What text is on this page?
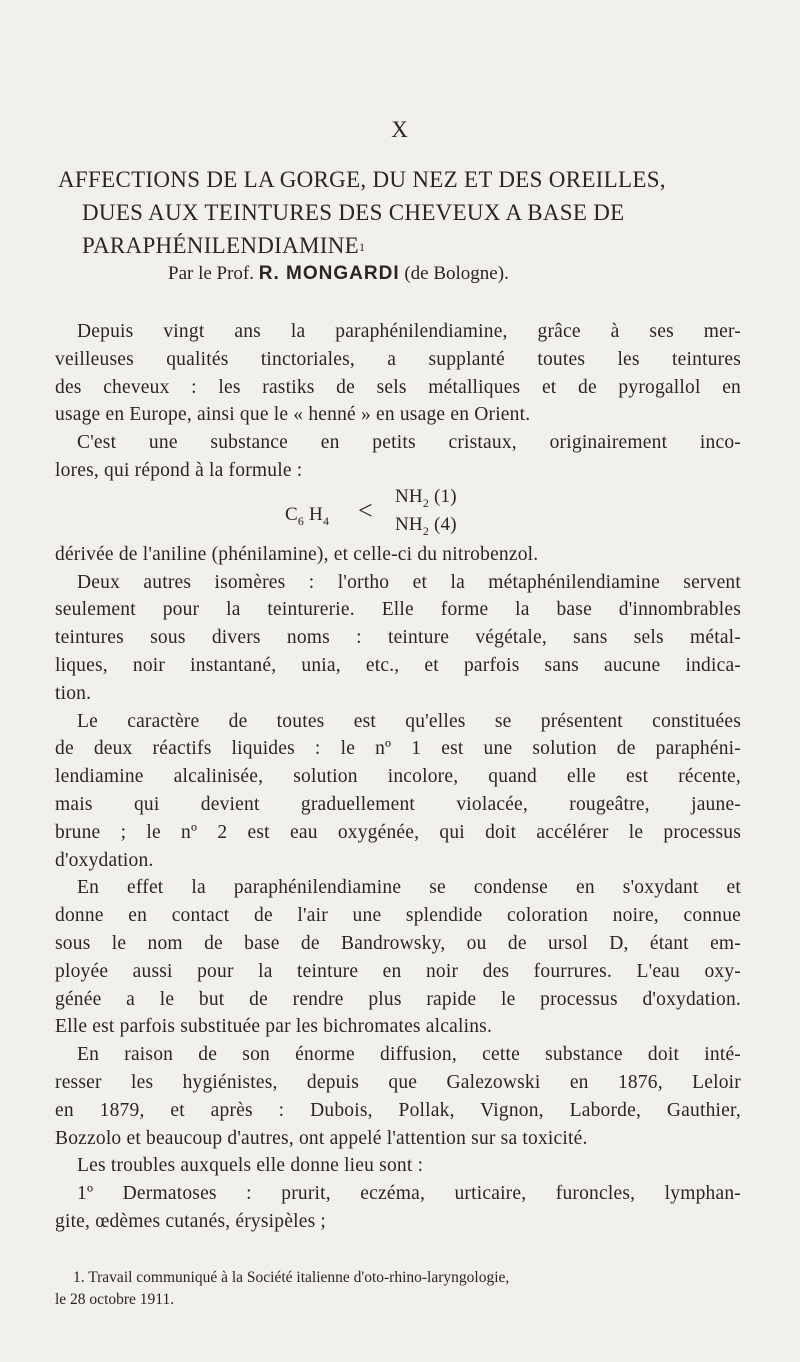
X
AFFECTIONS DE LA GORGE, DU NEZ ET DES OREILLES,
DUES AUX TEINTURES DES CHEVEUX A BASE DE
PARAPHÉNILENDIAMINE$^1$
Par le Prof. R. MONGARDI (de Bologne).
Depuis vingt ans la paraphénilendiamine, grâce à ses mer-
veilleuses qualités tinctoriales, a supplanté toutes les teintures
des cheveux : les rastiks de sels métalliques et de pyrogallol en
usage en Europe, ainsi que le « henné » en usage en Orient.
C'est une substance en petits cristaux, originairement inco-
lores, qui répond à la formule :
$C_6$ $H_4 < NH_2$ (1)
$NH_2$ (4)
dérivée de l'aniline (phénilamine), et celle-ci du nitrobenzol.
Deux autres isomères : l'ortho et la métaphénilendiamine servent
seulement pour la teinturerie. Elle forme la base d'innombrables
teintures sous divers noms : teinture végétale, sans sels métal-
liques, noir instantané, unia, etc., et parfois sans aucune indica-
tion.
Le caractère de toutes est qu'elles se présentent constituées
de deux réactifs liquides : le nº 1 est une solution de paraphéni-
lendiamine alcalinisée, solution incolore, quand elle est récente,
mais qui devient graduellement violacée, rougeâtre, jaune-
brune ; le nº 2 est eau oxygénée, qui doit accélérer le processus
d'oxydation.
En effet la paraphénilendiamine se condense en s'oxydant et
donne en contact de l'air une splendide coloration noire, connue
sous le nom de base de Bandrowsky, ou de ursol D, étant em-
ployée aussi pour la teinture en noir des fourrures. L'eau oxy-
génée a le but de rendre plus rapide le processus d'oxydation.
Elle est parfois substituée par les bichromates alcalins.
En raison de son énorme diffusion, cette substance doit inté-
resser les hygiénistes, depuis que Galezowski en 1876, Leloir
en 1879, et après : Dubois, Pollak, Vignon, Laborde, Gauthier,
Bozzolo et beaucoup d'autres, ont appelé l'attention sur sa toxicité.
Les troubles auxquels elle donne lieu sont :
1º Dermatoses : prurit, eczéma, urticaire, furoncles, lymphan-
gite, œdèmes cutanés, érysipèles ;
1. Travail communiqué à la Société italienne d'oto-rhino-laryngologie,
le 28 octobre 1911.
